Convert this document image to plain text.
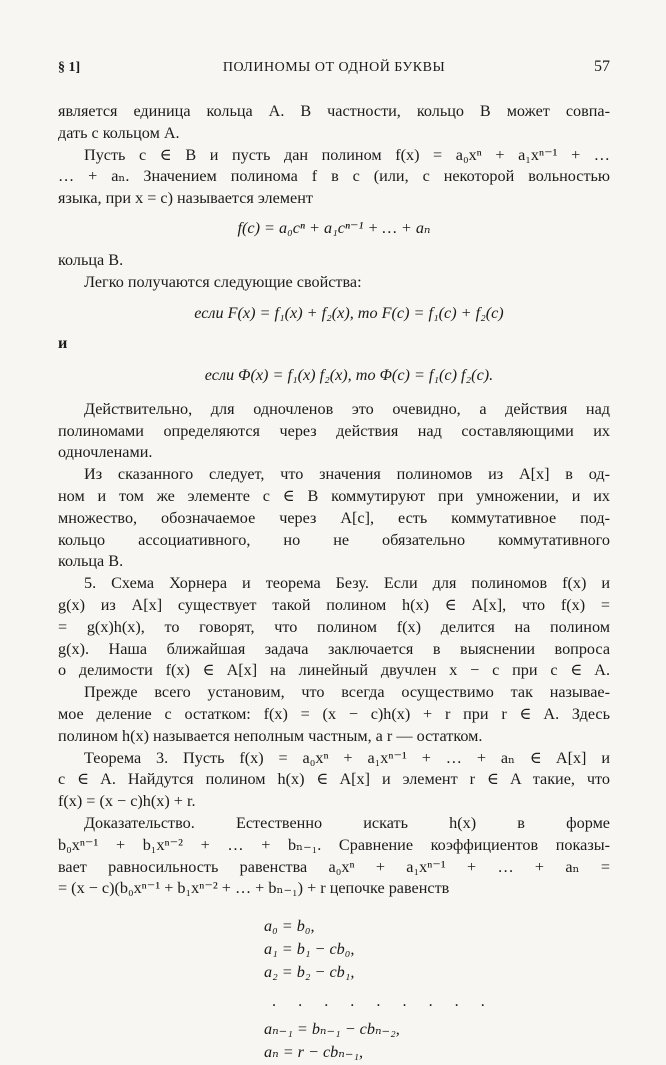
§ 1]	ПОЛИНОМЫ ОТ ОДНОЙ БУКВЫ	57
является единица кольца A. В частности, кольцо B может совпа-
дать с кольцом A.
Пусть c ∈ B и пусть дан полином f(x) = a₀xⁿ + a₁xⁿ⁻¹ + …
… + aₙ. Значением полинома f в c (или, с некоторой вольностью
языка, при x = c) называется элемент
f(c) = a₀cⁿ + a₁cⁿ⁻¹ + … + aₙ
кольца B.
Легко получаются следующие свойства:
если F(x) = f₁(x) + f₂(x), то F(c) = f₁(c) + f₂(c)
и
если Φ(x) = f₁(x) f₂(x), то Φ(c) = f₁(c) f₂(c).
Действительно, для одночленов это очевидно, а действия над
полиномами определяются через действия над составляющими их
одночленами.
Из сказанного следует, что значения полиномов из A[x] в од-
ном и том же элементе c ∈ B коммутируют при умножении, и их
множество, обозначаемое через A[c], есть коммутативное под-
кольцо ассоциативного, но не обязательно коммутативного
кольца B.
5. Схема Хорнера и теорема Безу. Если для полиномов f(x) и
g(x) из A[x] существует такой полином h(x) ∈ A[x], что f(x) =
= g(x)h(x), то говорят, что полином f(x) делится на полином
g(x). Наша ближайшая задача заключается в выяснении вопроса
о делимости f(x) ∈ A[x] на линейный двучлен x − c при c ∈ A.
Прежде всего установим, что всегда осуществимо так называе-
мое деление с остатком: f(x) = (x − c)h(x) + r при r ∈ A. Здесь
полином h(x) называется неполным частным, а r — остатком.
Теорема 3. Пусть f(x) = a₀xⁿ + a₁xⁿ⁻¹ + … + aₙ ∈ A[x] и
c ∈ A. Найдутся полином h(x) ∈ A[x] и элемент r ∈ A такие, что
f(x) = (x − c)h(x) + r.
Доказательство. Естественно искать h(x) в форме
b₀xⁿ⁻¹ + b₁xⁿ⁻² + … + bₙ₋₁. Сравнение коэффициентов показы-
вает равносильность равенства a₀xⁿ + a₁xⁿ⁻¹ + … + aₙ =
= (x − c)(b₀xⁿ⁻¹ + b₁xⁿ⁻² + … + bₙ₋₁) + r цепочке равенств
a₀ = b₀,
a₁ = b₁ − cb₀,
a₂ = b₂ − cb₁,
. . . . . . . . .
aₙ₋₁ = bₙ₋₁ − cbₙ₋₂,
aₙ = r − cbₙ₋₁,
